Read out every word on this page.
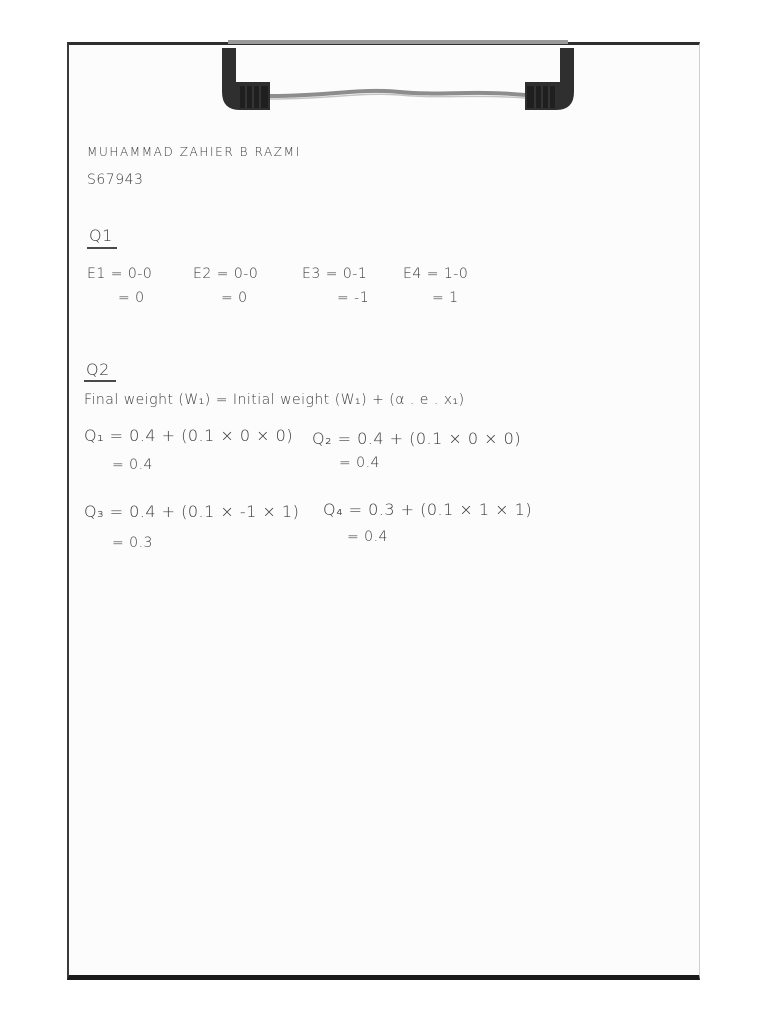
MUHAMMAD ZAHIER B RAZMI
S67943
Q1
E1 = 0-0
= 0
E2 = 0-0
= 0
E3 = 0-1
= -1
E4 = 1-0
= 1
Q2
Final weight (W₁) = Initial weight (W₁) + (α . e . x₁)
Q₁ = 0.4 + (0.1 × 0 × 0)
= 0.4
Q₂ = 0.4 + (0.1 × 0 × 0)
= 0.4
Q₃ = 0.4 + (0.1 × -1 × 1)
= 0.3
Q₄ = 0.3 + (0.1 × 1 × 1)
= 0.4
